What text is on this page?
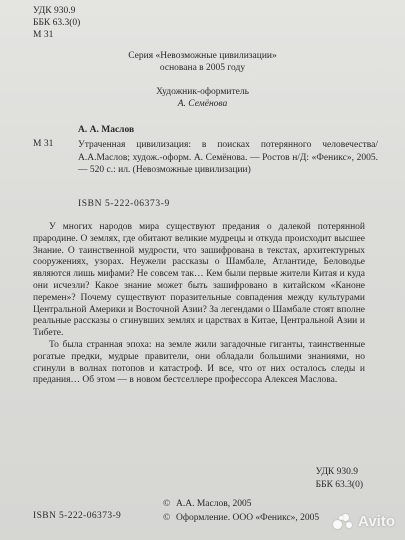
УДК 930.9
ББК 63.3(0)
М 31
Серия «Невозможные цивилизации»
основана в 2005 году
Художник-оформитель
А. Семёнова
А. А. Маслов
М 31	Утраченная цивилизация: в поисках потерянного человечества/А.А.Маслов; худож.-оформ. А. Семёнова. — Ростов н/Д: «Феникс», 2005. — 520 с.: ил. (Невозможные цивилизации)
ISBN 5-222-06373-9

У многих народов мира существуют предания о далекой потерянной прародине. О землях, где обитают великие мудрецы и откуда происходит высшее Знание. О таинственной мудрости, что зашифрована в текстах, архитектурных сооружениях, узорах. Неужели рассказы о Шамбале, Атлантиде, Беловодье являются лишь мифами? Не совсем так… Кем были первые жители Китая и куда они исчезли? Какое знание может быть зашифровано в китайском «Каноне перемен»? Почему существуют поразительные совпадения между культурами Центральной Америки и Восточной Азии? За легендами о Шамбале стоят вполне реальные рассказы о сгинувших землях и царствах в Китае, Центральной Азии и Тибете.

То была странная эпоха: на земле жили загадочные гиганты, таинственные рогатые предки, мудрые правители, они обладали большими знаниями, но сгинули в волнах потопов и катастроф. И все, что от них осталось следы и предания… Об этом — в новом бестселлере профессора Алексея Маслова.

УДК 930.9
ББК 63.3(0)
ISBN 5-222-06373-9
© А.А. Маслов, 2005
© Оформление. ООО «Феникс», 2005	Avito
